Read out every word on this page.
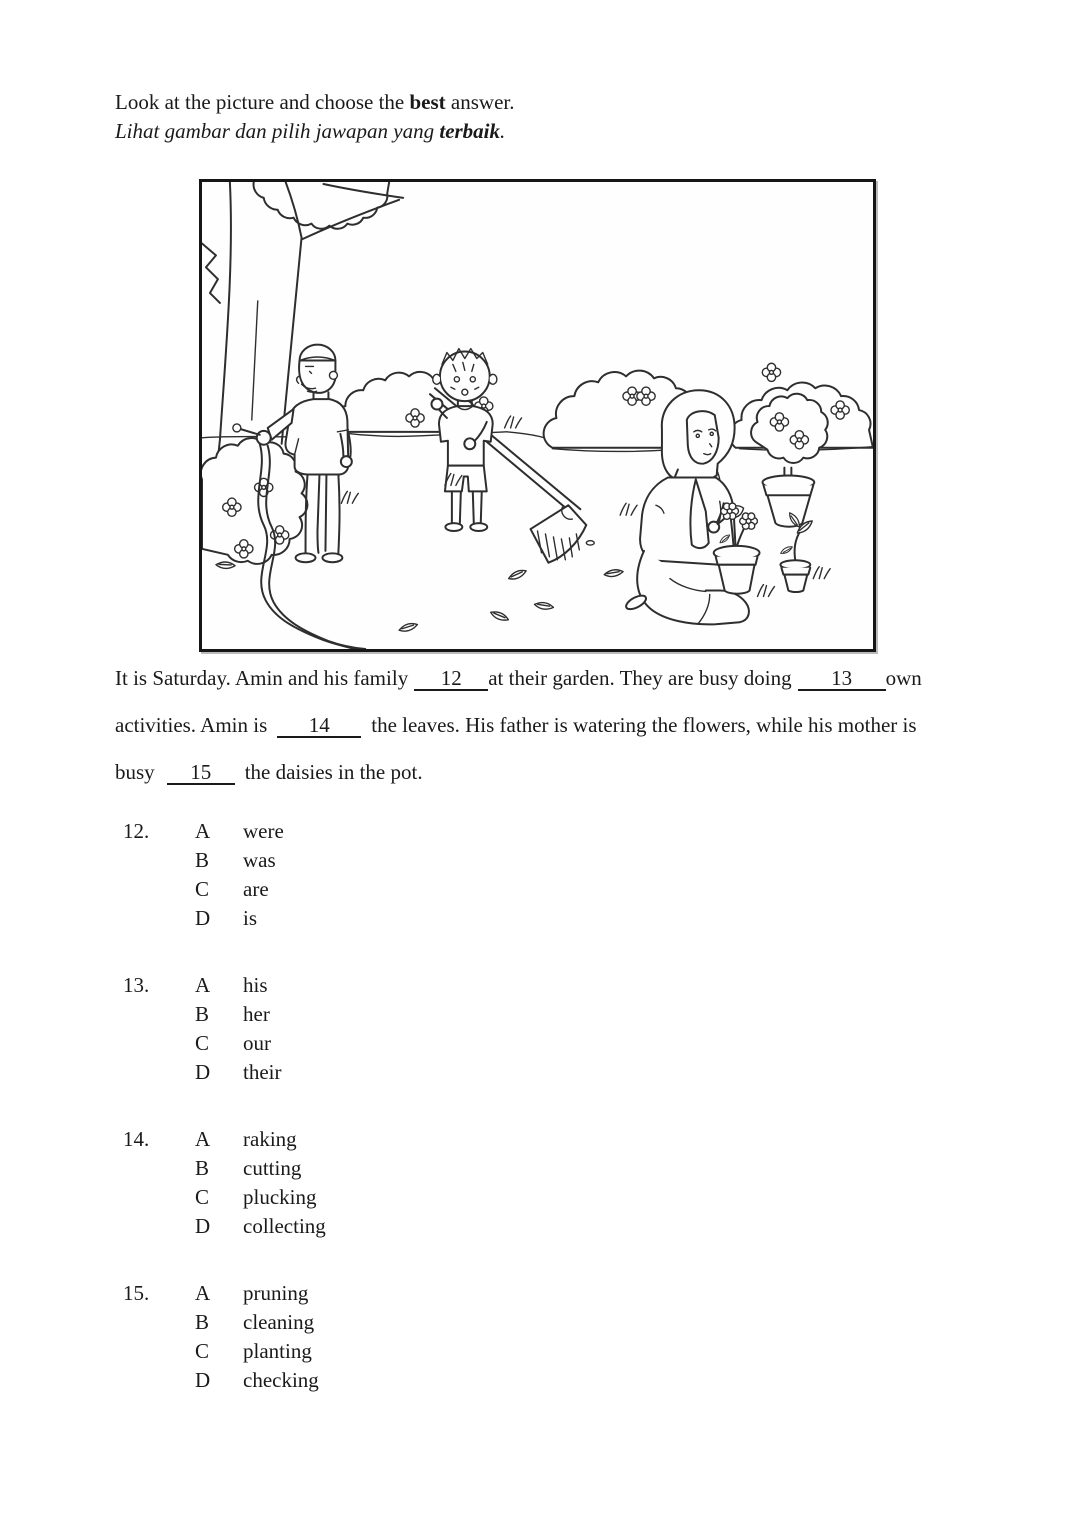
Look at the picture and choose the best answer.
Lihat gambar dan pilih jawapan yang terbaik.
It is Saturday. Amin and his family 12 at their garden. They are busy doing 13 own
activities. Amin is 14 the leaves. His father is watering the flowers, while his mother is
busy 15 the daisies in the pot.
12.	A	were
B	was
C	are
D	is
13.	A	his
B	her
C	our
D	their
14.	A	raking
B	cutting
C	plucking
D	collecting
15.	A	pruning
B	cleaning
C	planting
D	checking
